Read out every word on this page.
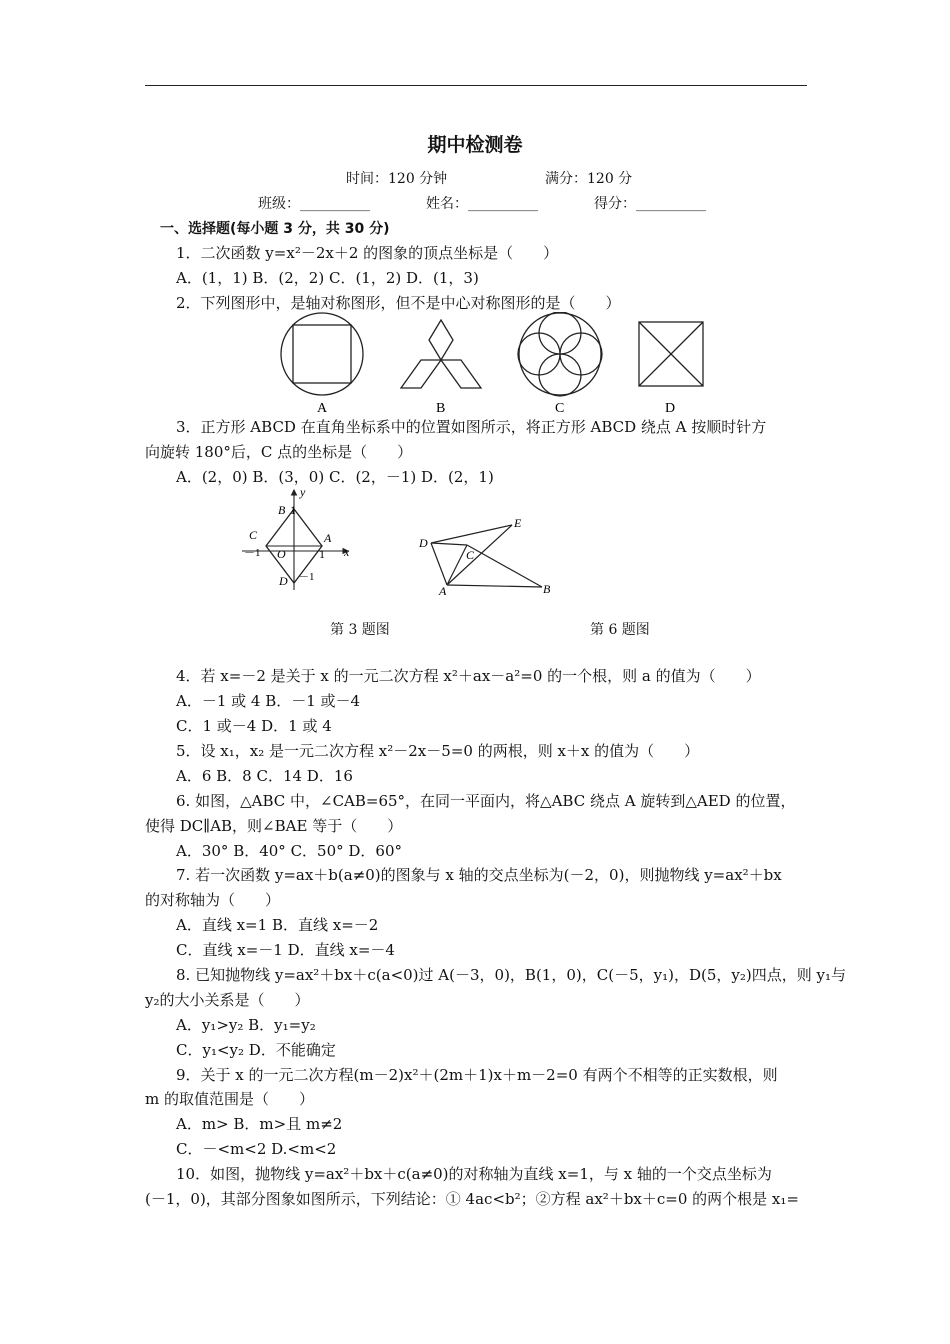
期中检测卷
时间：120 分钟	满分：120 分
班级：__________	姓名：__________	得分：__________
一、选择题(每小题 3 分，共 30 分)
1．二次函数 y=x²－2x＋2 的图象的顶点坐标是（　　）
A．(1，1) B．(2，2) C．(1，2) D．(1，3)
2．下列图形中，是轴对称图形，但不是中心对称图形的是（　　）
A	B	C	D
3．正方形 ABCD 在直角坐标系中的位置如图所示，将正方形 ABCD 绕点 A 按顺时针方
向旋转 180°后，C 点的坐标是（　　）
A．(2，0) B．(3，0) C．(2，－1) D．(2，1)
y
x
B 1
C	A
－1 O	1
D －1
E
D
C
A	B
第 3 题图	第 6 题图
4．若 x=－2 是关于 x 的一元二次方程 x²＋ax－a²=0 的一个根，则 a 的值为（　　）
A．－1 或 4 B．－1 或－4
C．1 或－4 D．1 或 4
5．设 x₁，x₂ 是一元二次方程 x²－2x－5=0 的两根，则 x＋x 的值为（　　）
A．6 B．8 C．14 D．16
6. 如图，△ABC 中，∠CAB=65°，在同一平面内，将△ABC 绕点 A 旋转到△AED 的位置，
使得 DC∥AB，则∠BAE 等于（　　）
A．30° B．40° C．50° D．60°
7. 若一次函数 y=ax＋b(a≠0)的图象与 x 轴的交点坐标为(－2，0)，则抛物线 y=ax²＋bx
的对称轴为（　　）
A．直线 x=1 B．直线 x=－2
C．直线 x=－1 D．直线 x=－4
8. 已知抛物线 y=ax²＋bx＋c(a<0)过 A(－3，0)，B(1，0)，C(－5，y₁)，D(5，y₂)四点，则 y₁与
y₂的大小关系是（　　）
A．y₁>y₂ B．y₁=y₂
C．y₁<y₂ D．不能确定
9．关于 x 的一元二次方程(m－2)x²＋(2m＋1)x＋m－2=0 有两个不相等的正实数根，则
m 的取值范围是（　　）
A．m> B．m>且 m≠2
C．－<m<2 D.<m<2
10．如图，抛物线 y=ax²＋bx＋c(a≠0)的对称轴为直线 x=1，与 x 轴的一个交点坐标为
(－1，0)，其部分图象如图所示，下列结论：① 4ac<b²；②方程 ax²＋bx＋c=0 的两个根是 x₁=
